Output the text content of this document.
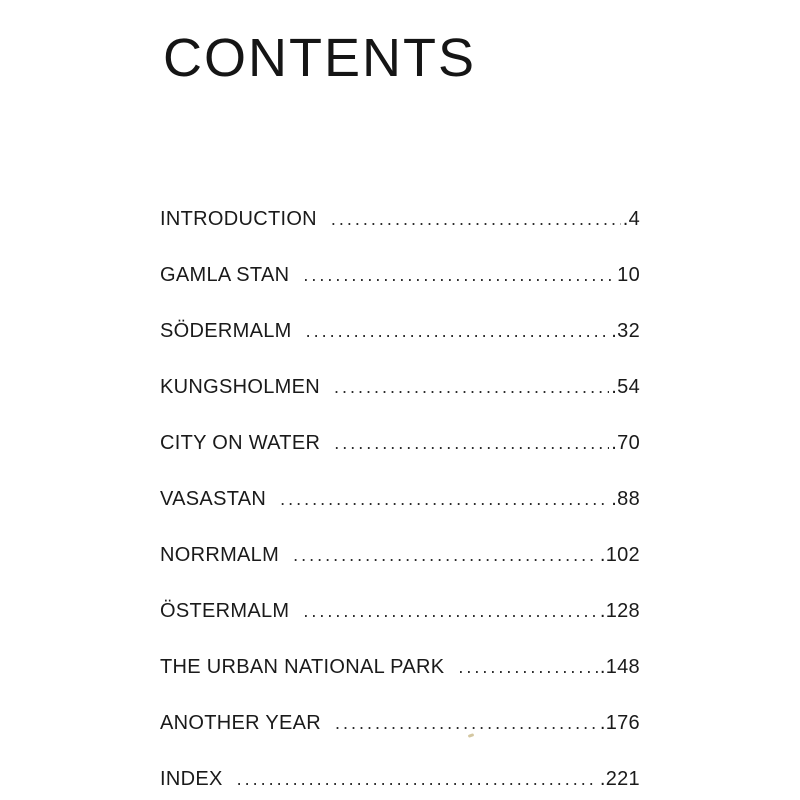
CONTENTS
INTRODUCTION . . .	.4
GAMLA STAN . . .	10
SÖDERMALM . . .	.32
KUNGSHOLMEN . . .	.54
CITY ON WATER . . .	.70
VASASTAN . . .	.88
NORRMALM . . .	.102
ÖSTERMALM . . .	.128
THE URBAN NATIONAL PARK . . .	.148
ANOTHER YEAR . . .	.176
INDEX . . .	.221
